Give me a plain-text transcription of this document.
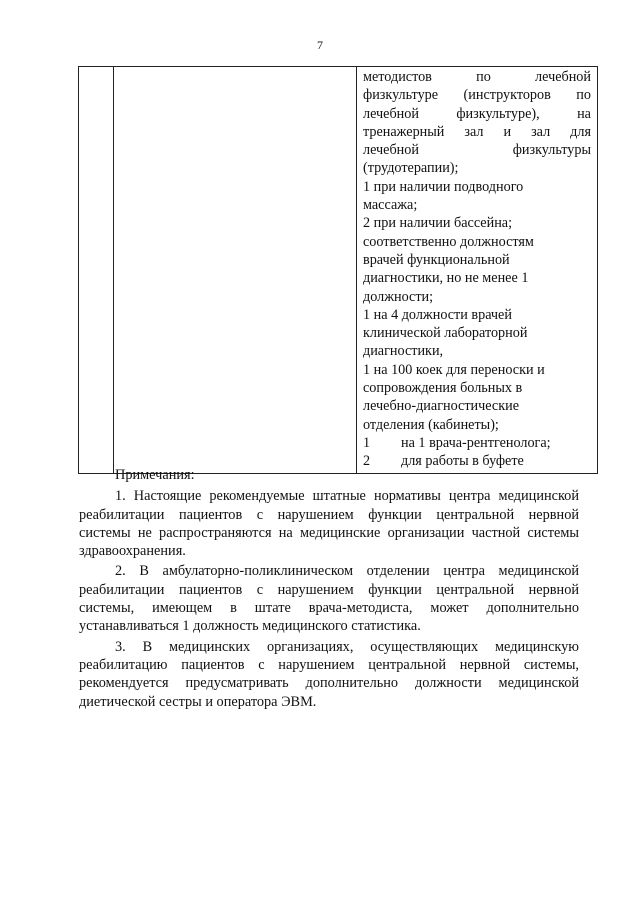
7

методистов по лечебной
физкультуре (инструкторов по
лечебной физкультуре), на
тренажерный зал и зал для
лечебной физкультуры
(трудотерапии);
1 при наличии подводного
массажа;
2 при наличии бассейна;
соответственно должностям
врачей функциональной
диагностики, но не менее 1
должности;
1 на 4 должности врачей
клинической лабораторной
диагностики,
1 на 100 коек для переноски и
сопровождения больных в
лечебно-диагностические
отделения (кабинеты);
1 на 1 врача-рентгенолога;
2 для работы в буфете
Примечания:
1. Настоящие рекомендуемые штатные нормативы центра медицинской
реабилитации пациентов с нарушением функции центральной нервной
системы не распространяются на медицинские организации частной системы
здравоохранения.
2. В амбулаторно-поликлиническом отделении центра медицинской
реабилитации пациентов с нарушением функции центральной нервной
системы, имеющем в штате врача-методиста, может дополнительно
устанавливаться 1 должность медицинского статистика.
3. В медицинских организациях, осуществляющих медицинскую
реабилитацию пациентов с нарушением центральной нервной системы,
рекомендуется предусматривать дополнительно должности медицинской
диетической сестры и оператора ЭВМ.
